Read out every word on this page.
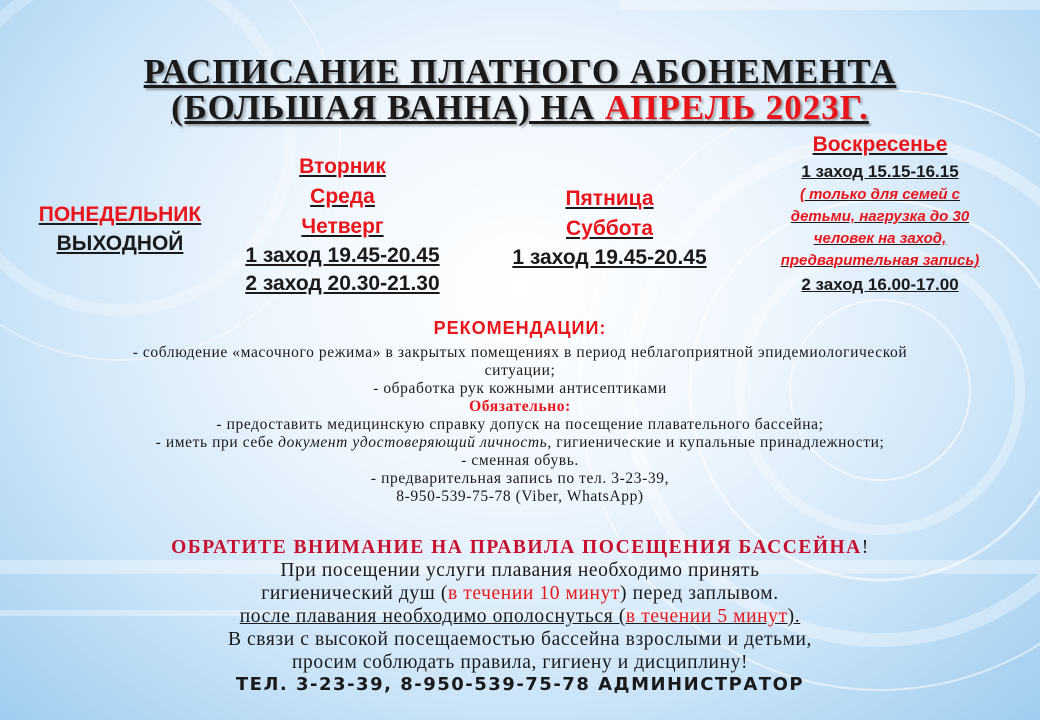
РАСПИСАНИЕ ПЛАТНОГО АБОНЕМЕНТА
(БОЛЬШАЯ ВАННА) НА АПРЕЛЬ 2023Г.
ПОНЕДЕЛЬНИК
ВЫХОДНОЙ
Вторник
Среда
Четверг
1 заход 19.45-20.45
2 заход 20.30-21.30
Пятница
Суббота
1 заход 19.45-20.45
Воскресенье
1 заход 15.15-16.15
( только для семей с
детьми, нагрузка до 30
человек на заход,
предварительная запись)
2 заход 16.00-17.00
РЕКОМЕНДАЦИИ:
- соблюдение «масочного режима» в закрытых помещениях в период неблагоприятной эпидемиологической
ситуации;
- обработка рук кожными антисептиками
Обязательно:
- предоставить медицинскую справку допуск на посещение плавательного бассейна;
- иметь при себе документ удостоверяющий личность, гигиенические и купальные принадлежности;
- сменная обувь.
- предварительная запись по тел. 3-23-39,
8-950-539-75-78 (Viber, WhatsApp)
ОБРАТИТЕ ВНИМАНИЕ НА ПРАВИЛА ПОСЕЩЕНИЯ БАССЕЙНА!
При посещении услуги плавания необходимо принять
гигиенический душ (в течении 10 минут) перед заплывом.
после плавания необходимо ополоснуться (в течении 5 минут).
В связи с высокой посещаемостью бассейна взрослыми и детьми,
просим соблюдать правила, гигиену и дисциплину!
ТЕЛ. 3-23-39, 8-950-539-75-78 АДМИНИСТРАТОР
